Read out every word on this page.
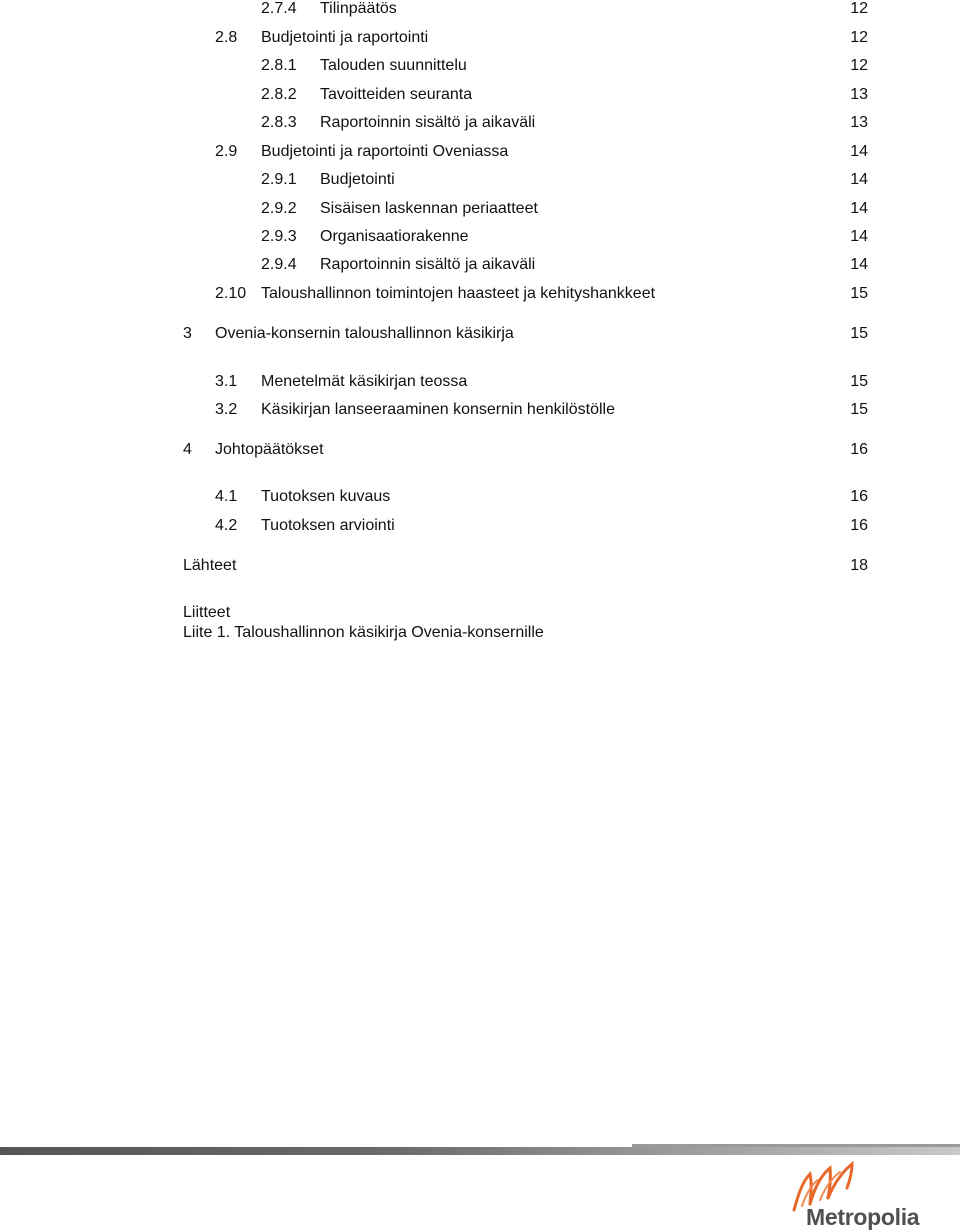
2.7.4 Tilinpäätös	12
2.8 Budjetointi ja raportointi	12
2.8.1 Talouden suunnittelu	12
2.8.2 Tavoitteiden seuranta	13
2.8.3 Raportoinnin sisältö ja aikaväli	13
2.9 Budjetointi ja raportointi Oveniassa	14
2.9.1 Budjetointi	14
2.9.2 Sisäisen laskennan periaatteet	14
2.9.3 Organisaatiorakenne	14
2.9.4 Raportoinnin sisältö ja aikaväli	14
2.10 Taloushallinnon toimintojen haasteet ja kehityshankkeet	15
3 Ovenia-konsernin taloushallinnon käsikirja	15
3.1 Menetelmät käsikirjan teossa	15
3.2 Käsikirjan lanseeraaminen konsernin henkilöstölle	15
4 Johtopäätökset	16
4.1 Tuotoksen kuvaus	16
4.2 Tuotoksen arviointi	16
Lähteet	18
Liitteet
Liite 1. Taloushallinnon käsikirja Ovenia-konsernille
Metropolia
